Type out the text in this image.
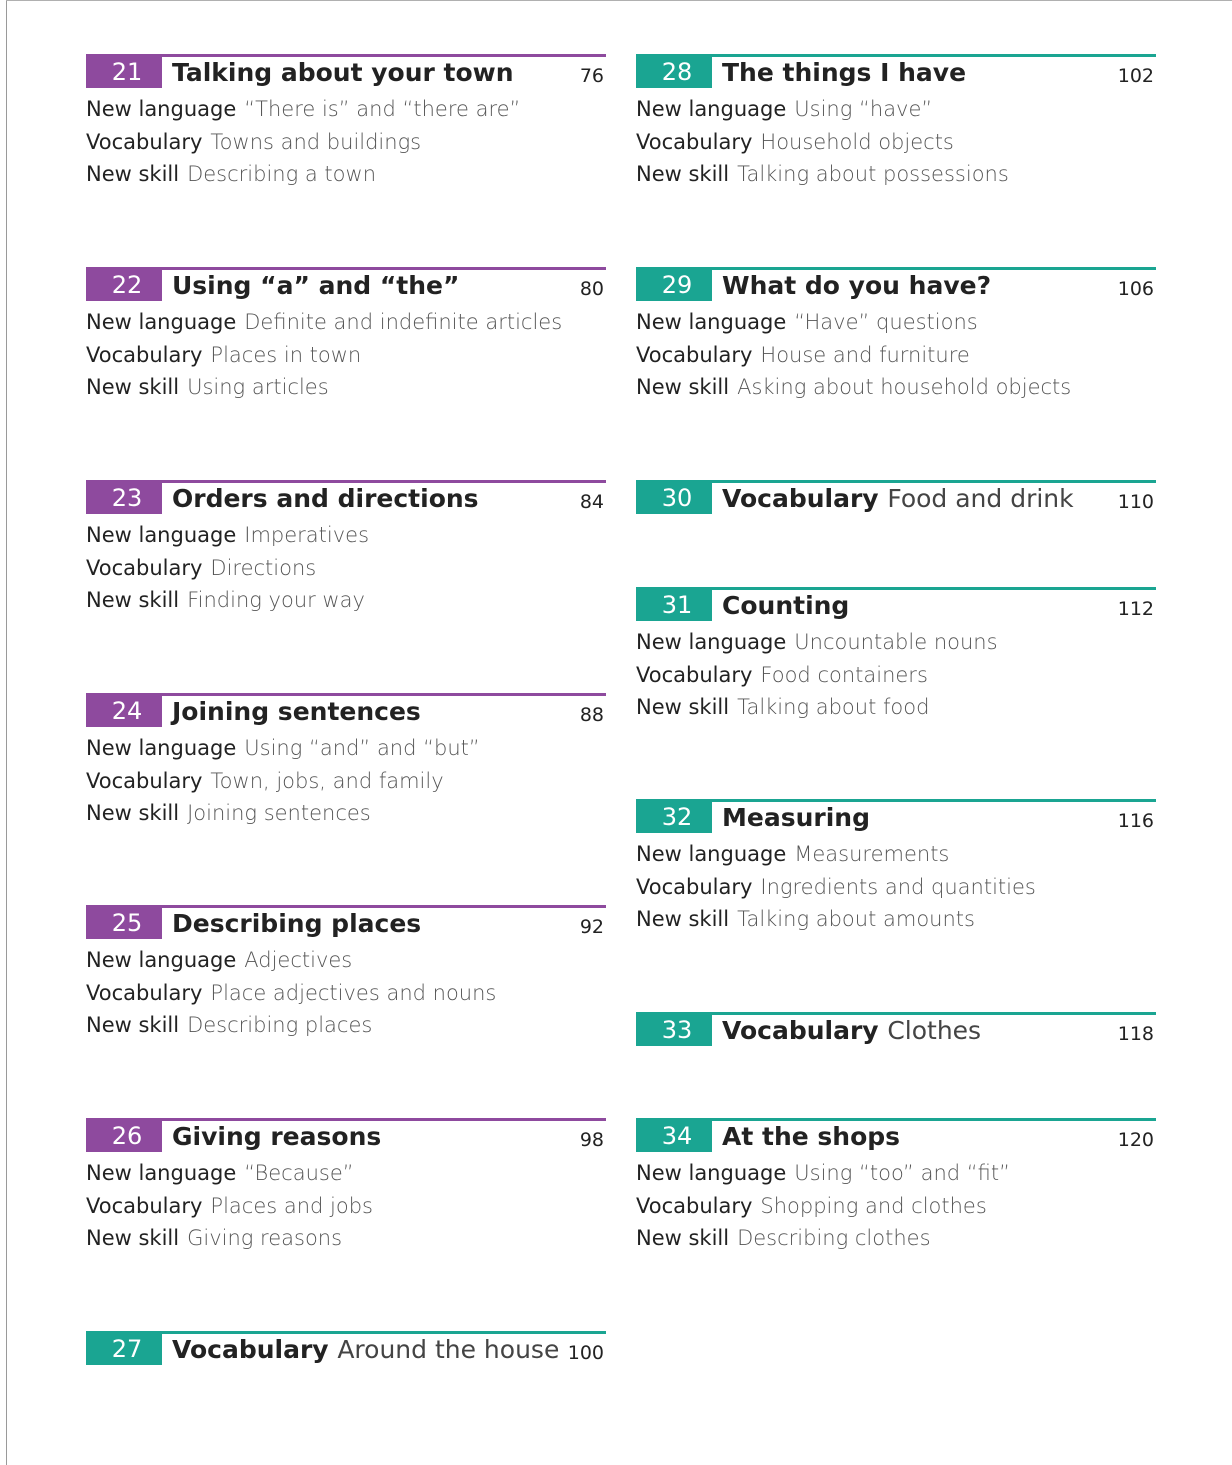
21	Talking about your town	76
New language “There is” and “there are”
Vocabulary Towns and buildings
New skill Describing a town
22	Using “a” and “the”	80
New language Definite and indefinite articles
Vocabulary Places in town
New skill Using articles
23	Orders and directions	84
New language Imperatives
Vocabulary Directions
New skill Finding your way
24	Joining sentences	88
New language Using “and” and “but”
Vocabulary Town, jobs, and family
New skill Joining sentences
25	Describing places	92
New language Adjectives
Vocabulary Place adjectives and nouns
New skill Describing places
26	Giving reasons	98
New language “Because”
Vocabulary Places and jobs
New skill Giving reasons
27	Vocabulary Around the house 100
28	The things I have	102
New language Using “have”
Vocabulary Household objects
New skill Talking about possessions
29	What do you have?	106
New language “Have” questions
Vocabulary House and furniture
New skill Asking about household objects
30	Vocabulary Food and drink 110
31	Counting	112
New language Uncountable nouns
Vocabulary Food containers
New skill Talking about food
32	Measuring	116
New language Measurements
Vocabulary Ingredients and quantities
New skill Talking about amounts
33	Vocabulary Clothes	118
34	At the shops	120
New language Using “too” and “fit”
Vocabulary Shopping and clothes
New skill Describing clothes
